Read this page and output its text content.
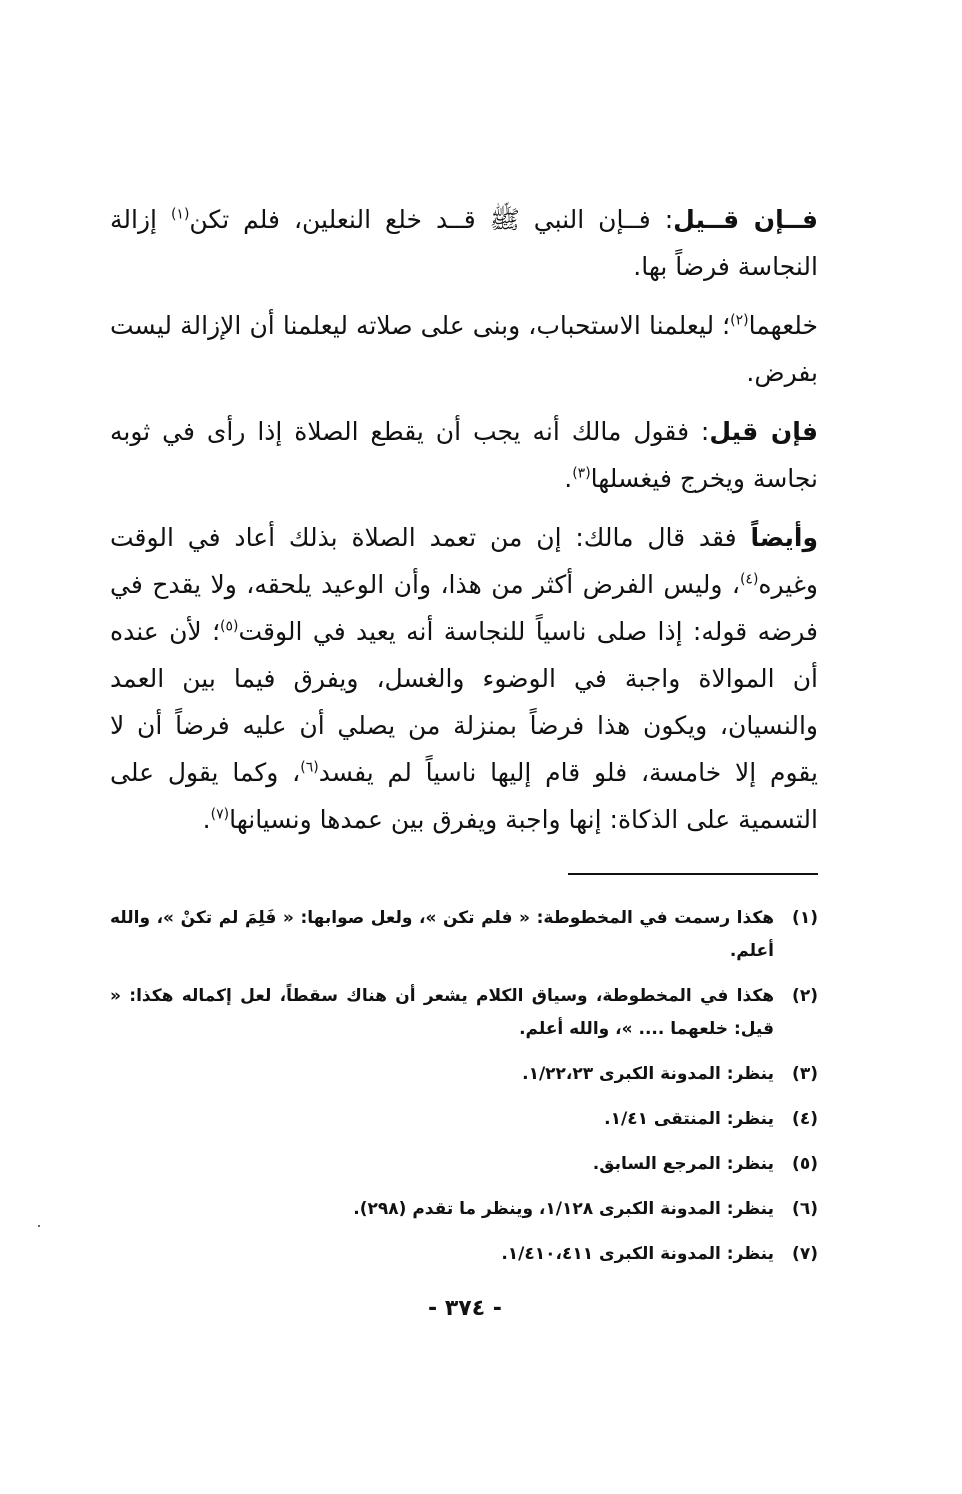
فــإن قــيل: فــإن النبي ﷺ قــد خلع النعلين، فلم تكن$^{(١)}$ إزالة النجاسة فرضاً بها.

خلعهما$^{(٢)}$؛ ليعلمنا الاستحباب، وبنى على صلاته ليعلمنا أن الإزالة ليست بفرض.

فإن قيل: فقول مالك أنه يجب أن يقطع الصلاة إذا رأى في ثوبه نجاسة ويخرج فيغسلها$^{(٣)}$.

وأيضاً فقد قال مالك: إن من تعمد الصلاة بذلك أعاد في الوقت وغيره$^{(٤)}$، وليس الفرض أكثر من هذا، وأن الوعيد يلحقه، ولا يقدح في فرضه قوله: إذا صلى ناسياً للنجاسة أنه يعيد في الوقت$^{(٥)}$؛ لأن عنده أن الموالاة واجبة في الوضوء والغسل، ويفرق فيما بين العمد والنسيان، ويكون هذا فرضاً بمنزلة من يصلي أن عليه فرضاً أن لا يقوم إلا خامسة، فلو قام إليها ناسياً لم يفسد$^{(٦)}$، وكما يقول على التسمية على الذكاة: إنها واجبة ويفرق بين عمدها ونسيانها$^{(٧)}$.

(١)
هكذا رسمت في المخطوطة: « فلم تكن »، ولعل صوابها: « فَلِمَ لم تكنْ »، والله أعلم.
(٢)
هكذا في المخطوطة، وسياق الكلام يشعر أن هناك سقطاً، لعل إكماله هكذا: « قيل: خلعهما .... »، والله أعلم.
(٣)
ينظر: المدونة الكبرى ١/٢٢،٢٣.
(٤)
ينظر: المنتقى ١/٤١.
(٥)
ينظر: المرجع السابق.
(٦)
ينظر: المدونة الكبرى ١/١٢٨، وينظر ما تقدم (٢٩٨).
(٧)
ينظر: المدونة الكبرى ١/٤١٠،٤١١.
- ٣٧٤ -
